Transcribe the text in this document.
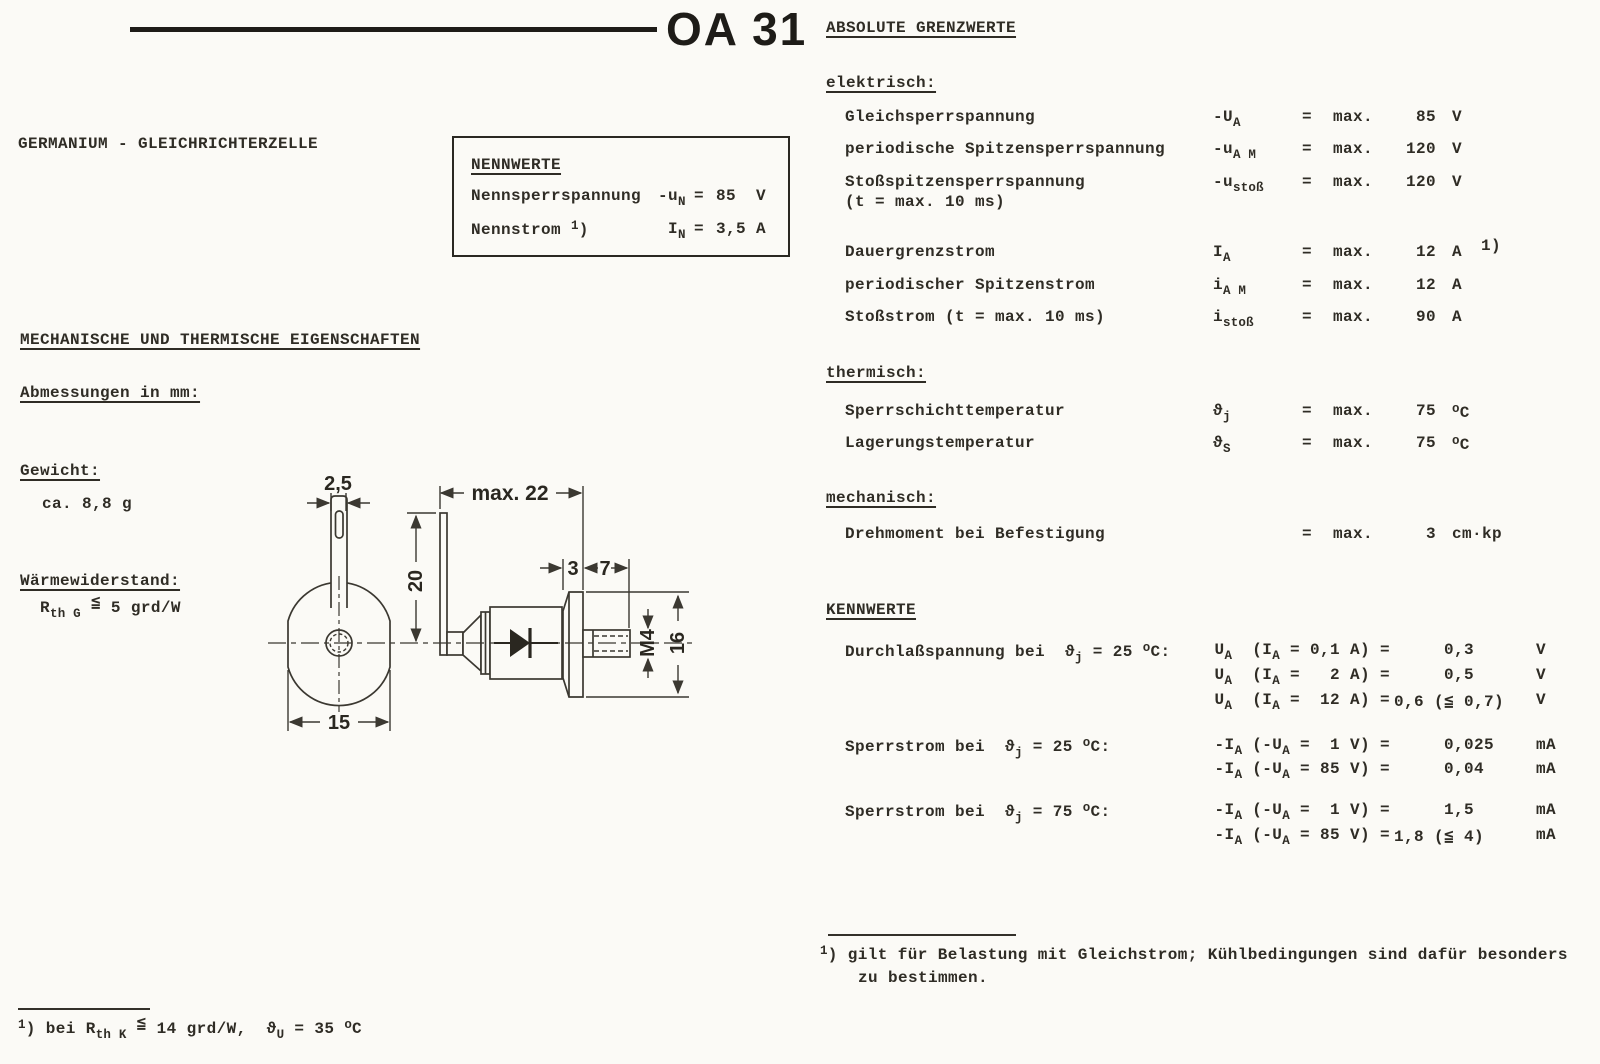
OA 31
GERMANIUM - GLEICHRICHTERZELLE
NENNWERTE
Nennsperrspannung $-u_N = 85$  V
Nennstrom $^1$)	$I_N = 3,5$ A
MECHANISCHE UND THERMISCHE EIGENSCHAFTEN
Abmessungen in mm:
Gewicht:
ca. 8,8 g
Wärmewiderstand:
$R_{th G}$ ≦ 5 grd/W
$^1$) bei $R_{th K}$ ≦ 14 grd/W,  $ϑ_U = 35$ $^o$C
2,5
15
max. 22
20
3 7
M4 16
ABSOLUTE GRENZWERTE
elektrisch:
Gleichsperrspannung	$-U_A$	= max.	85 V
periodische Spitzensperrspannung	$-u_{A M}$	= max.	120 V
Stoßspitzensperrspannung
(t = max. 10 ms)
$-u_{stoß} = \max$.	120 V
Dauergrenzstrom	$I_A$	= max.	12 A 1)
periodischer Spitzenstrom	$i_{A M}$	= max.	12 A
Stoßstrom (t = max. 10 ms)	$i_{stoß}$	= max.	90 A
thermisch:
Sperrschichttemperatur	$ϑ_j$	= max.	75 $^o$C
Lagerungstemperatur	$ϑ_S$	= max.	75 $^o$C
mechanisch:
Drehmoment bei Befestigung	= max.	3 cm·kp
KENNWERTE
Durchlaßspannung bei  $ϑ_j = 25$ $^o$C:	$U_A$  ($I_A = 0,1$ A) = 0,3	V
$U_A$  ($I_A = 2$ A) = 0,5	V
$U_A$  ($I_A = 12$ A) = 0,6 (≦ 0,7) V
Sperrstrom bei  $ϑ_j = 25$ $^o$C:	$-I_A$ ($-U_A = 1$ V) = 0,025	mA
$-I_A$ ($-U_A = 85$ V) = 0,04	mA
Sperrstrom bei  $ϑ_j = 75$ $^o$C:	$-I_A$ ($-U_A = 1$ V) = 1,5	mA
$-I_A$ ($-U_A = 85$ V) = 1,8 (≦ 4)	mA
$^1$) gilt für Belastung mit Gleichstrom; Kühlbedingungen sind dafür besonders
zu bestimmen.
